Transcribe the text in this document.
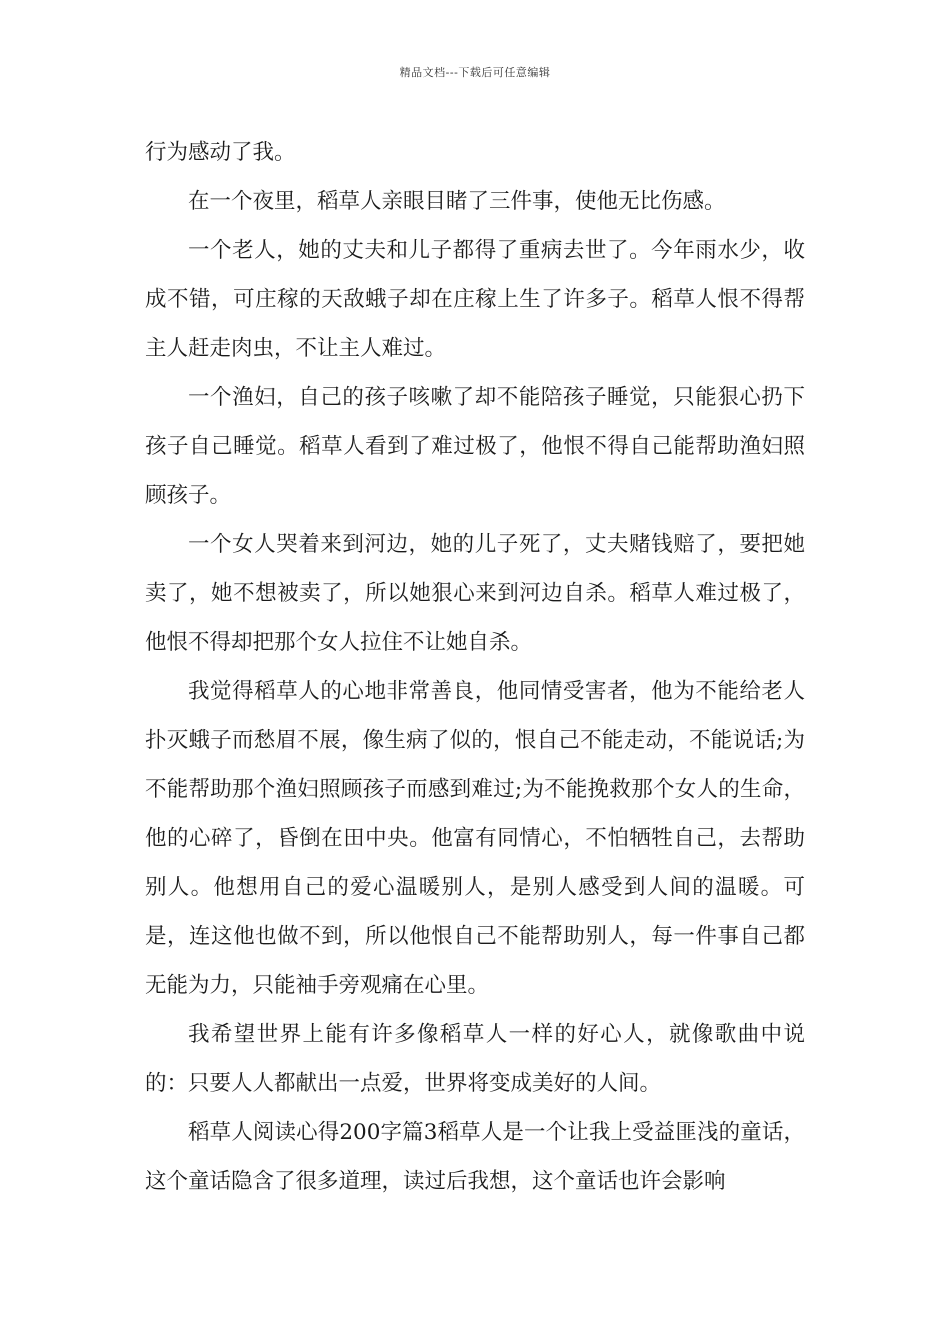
精品文档---下载后可任意编辑

行为感动了我。

在一个夜里，稻草人亲眼目睹了三件事，使他无比伤感。

一个老人，她的丈夫和儿子都得了重病去世了。今年雨水少，收成不错，可庄稼的天敌蛾子却在庄稼上生了许多子。稻草人恨不得帮主人赶走肉虫，不让主人难过。

一个渔妇，自己的孩子咳嗽了却不能陪孩子睡觉，只能狠心扔下孩子自己睡觉。稻草人看到了难过极了，他恨不得自己能帮助渔妇照顾孩子。

一个女人哭着来到河边，她的儿子死了，丈夫赌钱赔了，要把她卖了，她不想被卖了，所以她狠心来到河边自杀。稻草人难过极了，他恨不得却把那个女人拉住不让她自杀。

我觉得稻草人的心地非常善良，他同情受害者，他为不能给老人扑灭蛾子而愁眉不展，像生病了似的，恨自己不能走动，不能说话;为不能帮助那个渔妇照顾孩子而感到难过;为不能挽救那个女人的生命，他的心碎了，昏倒在田中央。他富有同情心，不怕牺牲自己，去帮助别人。他想用自己的爱心温暖别人，是别人感受到人间的温暖。可是，连这他也做不到，所以他恨自己不能帮助别人，每一件事自己都无能为力，只能袖手旁观痛在心里。

我希望世界上能有许多像稻草人一样的好心人，就像歌曲中说的：只要人人都献出一点爱，世界将变成美好的人间。

稻草人阅读心得200字篇3稻草人是一个让我上受益匪浅的童话，这个童话隐含了很多道理，读过后我想，这个童话也许会影响
